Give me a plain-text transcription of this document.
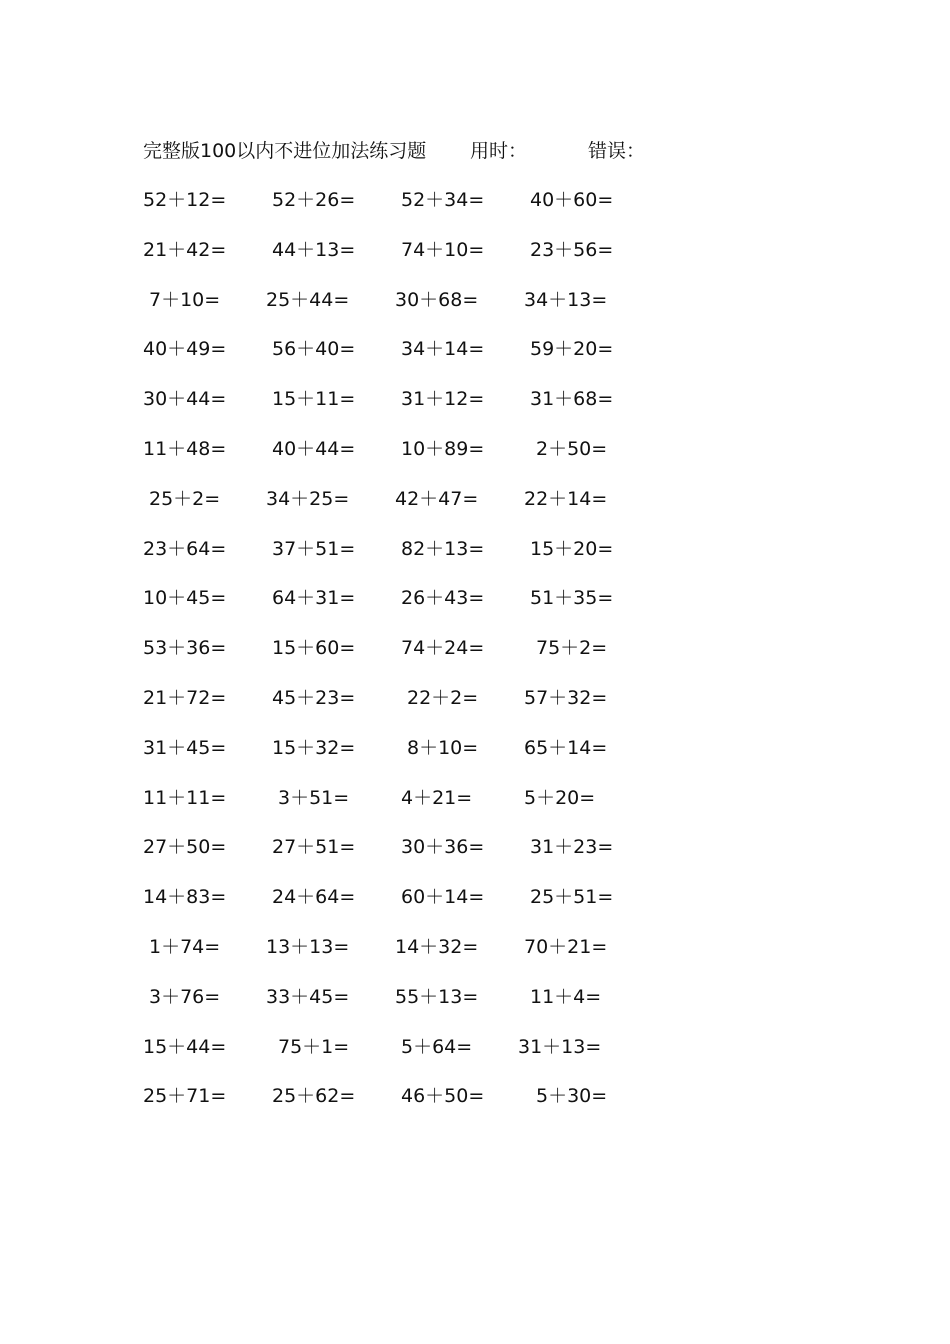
完整版100以内不进位加法练习题 用时：	错误：
52＋12= 52＋26= 52＋34= 40＋60=
21＋42= 44＋13= 74＋10= 23＋56=
7＋10= 25＋44= 30＋68= 34＋13=
40＋49= 56＋40= 34＋14= 59＋20=
30＋44= 15＋11= 31＋12= 31＋68=
11＋48= 40＋44= 10＋89=	2＋50=
25＋2= 34＋25= 42＋47= 22＋14=
23＋64= 37＋51= 82＋13= 15＋20=
10＋45= 64＋31= 26＋43= 51＋35=
53＋36= 15＋60= 74＋24=	75＋2=
21＋72= 45＋23=	22＋2= 57＋32=
31＋45= 15＋32=	8＋10= 65＋14=
11＋11=	3＋51=	4＋21=	5＋20=
27＋50= 27＋51= 30＋36= 31＋23=
14＋83= 24＋64= 60＋14= 25＋51=
1＋74= 13＋13= 14＋32= 70＋21=
3＋76= 33＋45= 55＋13=	11＋4=
15＋44=	75＋1=	5＋64= 31＋13=
25＋71= 25＋62= 46＋50=	5＋30=
